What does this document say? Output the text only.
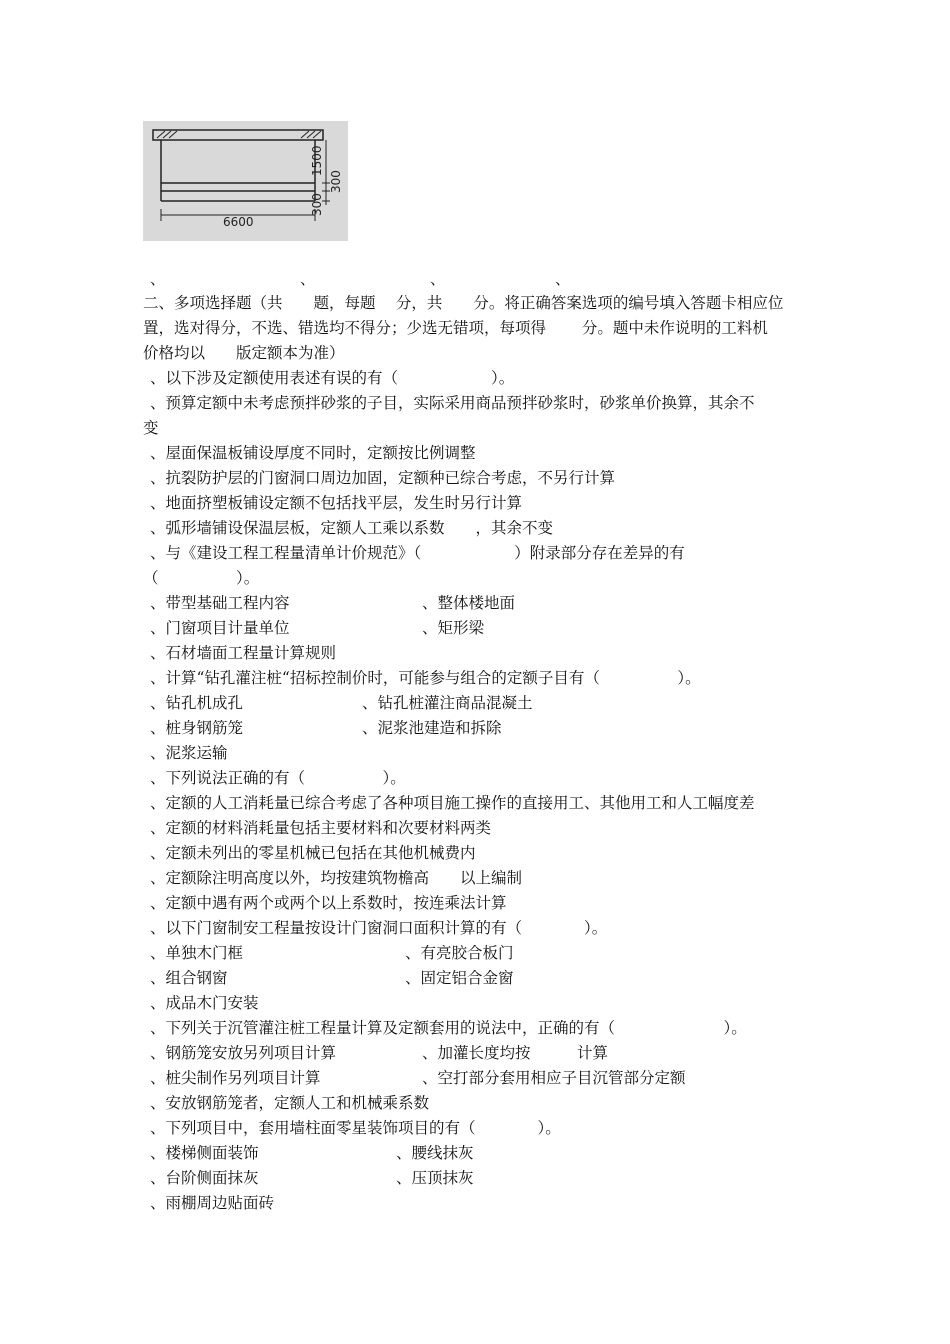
6600
1500
300
300
、	、	、	、
二、多项选择题（共　　题，每题　 分，共　　分。将正确答案选项的编号填入答题卡相应位
置，选对得分，不选、错选均不得分；少选无错项，每项得　　 分。题中未作说明的工料机
价格均以　　版定额本为准）
、以下涉及定额使用表述有误的有（　　　　　　）。
、预算定额中未考虑预拌砂浆的子目，实际采用商品预拌砂浆时，砂浆单价换算，其余不
变
、屋面保温板铺设厚度不同时，定额按比例调整
、抗裂防护层的门窗洞口周边加固，定额种已综合考虑，不另行计算
、地面挤塑板铺设定额不包括找平层，发生时另行计算
、弧形墙铺设保温层板，定额人工乘以系数　　，其余不变
、与《建设工程工程量清单计价规范》（　　　　　　）附录部分存在差异的有
（　　　　　）。
、带型基础工程内容	、整体楼地面
、门窗项目计量单位	、矩形梁
、石材墙面工程量计算规则
、计算“钻孔灌注桩“招标控制价时，可能参与组合的定额子目有（　　　　　）。
、钻孔机成孔	、钻孔桩灌注商品混凝土
、桩身钢筋笼	、泥浆池建造和拆除
、泥浆运输
、下列说法正确的有（　　　　　）。
、定额的人工消耗量已综合考虑了各种项目施工操作的直接用工、其他用工和人工幅度差
、定额的材料消耗量包括主要材料和次要材料两类
、定额未列出的零星机械已包括在其他机械费内
、定额除注明高度以外，均按建筑物檐高　　以上编制
、定额中遇有两个或两个以上系数时，按连乘法计算
、以下门窗制安工程量按设计门窗洞口面积计算的有（　　　　）。
、单独木门框	、有亮胶合板门
、组合钢窗	、固定铝合金窗
、成品木门安装
、下列关于沉管灌注桩工程量计算及定额套用的说法中，正确的有（　　　　　　　）。
、钢筋笼安放另列项目计算	、加灌长度均按　　　计算
、桩尖制作另列项目计算	、空打部分套用相应子目沉管部分定额
、安放钢筋笼者，定额人工和机械乘系数
、下列项目中，套用墙柱面零星装饰项目的有（　　　　）。
、楼梯侧面装饰	、腰线抹灰
、台阶侧面抹灰	、压顶抹灰
、雨棚周边贴面砖
